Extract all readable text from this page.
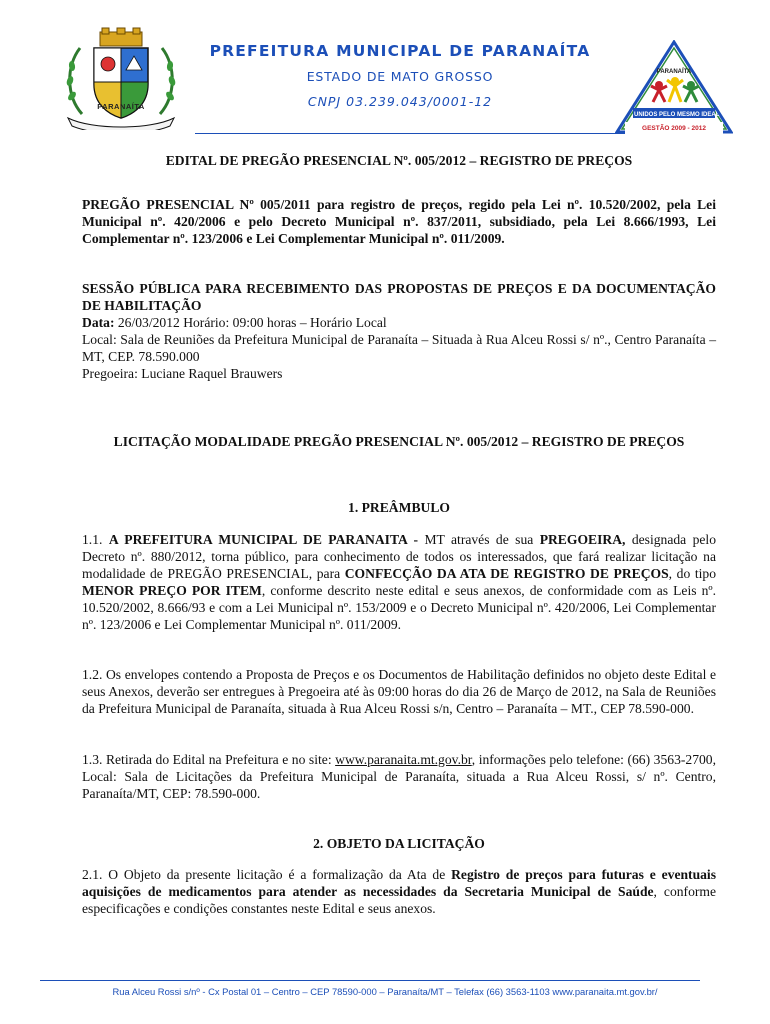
PARANAÍTA
PREFEITURA MUNICIPAL DE PARANAÍTA
ESTADO DE MATO GROSSO
CNPJ 03.239.043/0001-12
PARANAÍTA
UNIDOS PELO MESMO IDEAL
GESTÃO 2009 - 2012
EDITAL DE PREGÃO PRESENCIAL Nº. 005/2012 – REGISTRO DE PREÇOS

PREGÃO PRESENCIAL Nº 005/2011 para registro de preços, regido pela Lei nº. 10.520/2002, pela Lei Municipal nº. 420/2006 e pelo Decreto Municipal nº. 837/2011, subsidiado, pela Lei 8.666/1993, Lei Complementar nº. 123/2006 e Lei Complementar Municipal nº. 011/2009.

SESSÃO PÚBLICA PARA RECEBIMENTO DAS PROPOSTAS DE PREÇOS E DA DOCUMENTAÇÃO DE HABILITAÇÃO

Data: 26/03/2012 Horário: 09:00 horas – Horário Local

Local: Sala de Reuniões da Prefeitura Municipal de Paranaíta – Situada à Rua Alceu Rossi s/ nº., Centro Paranaíta – MT, CEP. 78.590.000

Pregoeira: Luciane Raquel Brauwers

LICITAÇÃO MODALIDADE PREGÃO PRESENCIAL Nº. 005/2012 – REGISTRO DE PREÇOS
1. PREÂMBULO

1.1. A PREFEITURA MUNICIPAL DE PARANAITA - MT através de sua PREGOEIRA, designada pelo Decreto nº. 880/2012, torna público, para conhecimento de todos os interessados, que fará realizar licitação na modalidade de PREGÃO PRESENCIAL, para CONFECÇÃO DA ATA DE REGISTRO DE PREÇOS, do tipo MENOR PREÇO POR ITEM, conforme descrito neste edital e seus anexos, de conformidade com as Leis nº. 10.520/2002, 8.666/93 e com a Lei Municipal nº. 153/2009 e o Decreto Municipal nº. 420/2006, Lei Complementar nº. 123/2006 e Lei Complementar Municipal nº. 011/2009.

1.2. Os envelopes contendo a Proposta de Preços e os Documentos de Habilitação definidos no objeto deste Edital e seus Anexos, deverão ser entregues à Pregoeira até às 09:00 horas do dia 26 de Março de 2012, na Sala de Reuniões da Prefeitura Municipal de Paranaíta, situada à Rua Alceu Rossi s/n, Centro – Paranaíta – MT., CEP 78.590-000.

1.3. Retirada do Edital na Prefeitura e no site: www.paranaita.mt.gov.br, informações pelo telefone: (66) 3563-2700, Local: Sala de Licitações da Prefeitura Municipal de Paranaíta, situada a Rua Alceu Rossi, s/ nº. Centro, Paranaíta/MT, CEP: 78.590-000.

2. OBJETO DA LICITAÇÃO

2.1. O Objeto da presente licitação é a formalização da Ata de Registro de preços para futuras e eventuais aquisições de medicamentos para atender as necessidades da Secretaria Municipal de Saúde, conforme especificações e condições constantes neste Edital e seus anexos.

Rua Alceu Rossi s/nº - Cx Postal 01 – Centro – CEP 78590-000 – Paranaíta/MT – Telefax (66) 3563-1103 www.paranaita.mt.gov.br/
